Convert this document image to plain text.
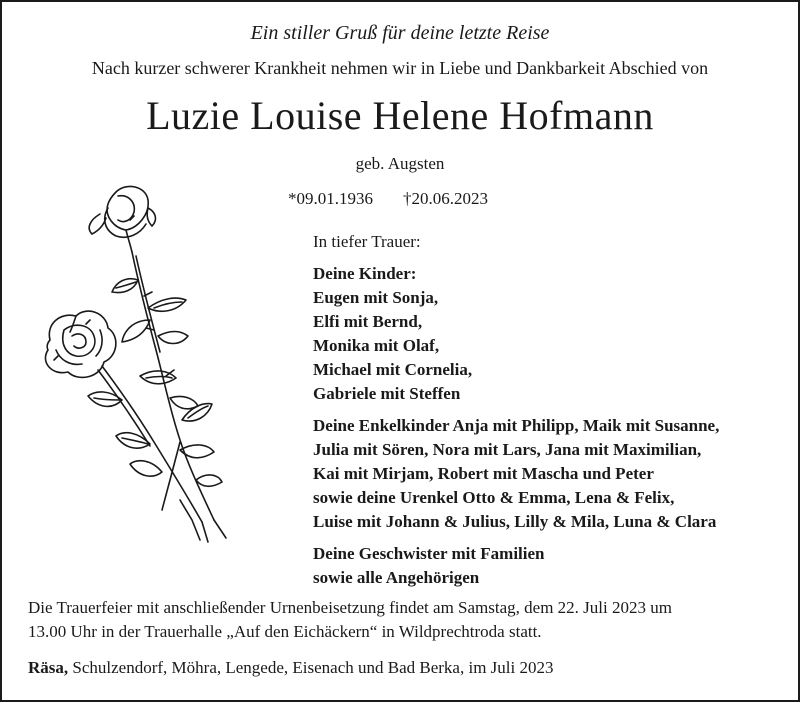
Ein stiller Gruß für deine letzte Reise
Nach kurzer schwerer Krankheit nehmen wir in Liebe und Dankbarkeit Abschied von
Luzie Louise Helene Hofmann
geb. Augsten
*09.01.1936 †20.06.2023
In tiefer Trauer:
Deine Kinder:
Eugen mit Sonja,
Elfi mit Bernd,
Monika mit Olaf,
Michael mit Cornelia,
Gabriele mit Steffen
Deine Enkelkinder Anja mit Philipp, Maik mit Susanne,
Julia mit Sören, Nora mit Lars, Jana mit Maximilian,
Kai mit Mirjam, Robert mit Mascha und Peter
sowie deine Urenkel Otto & Emma, Lena & Felix,
Luise mit Johann & Julius, Lilly & Mila, Luna & Clara
Deine Geschwister mit Familien
sowie alle Angehörigen
Die Trauerfeier mit anschließender Urnenbeisetzung findet am Samstag, dem 22. Juli 2023 um
13.00 Uhr in der Trauerhalle „Auf den Eichäckern“ in Wildprechtroda statt.
Räsa, Schulzendorf, Möhra, Lengede, Eisenach und Bad Berka, im Juli 2023
